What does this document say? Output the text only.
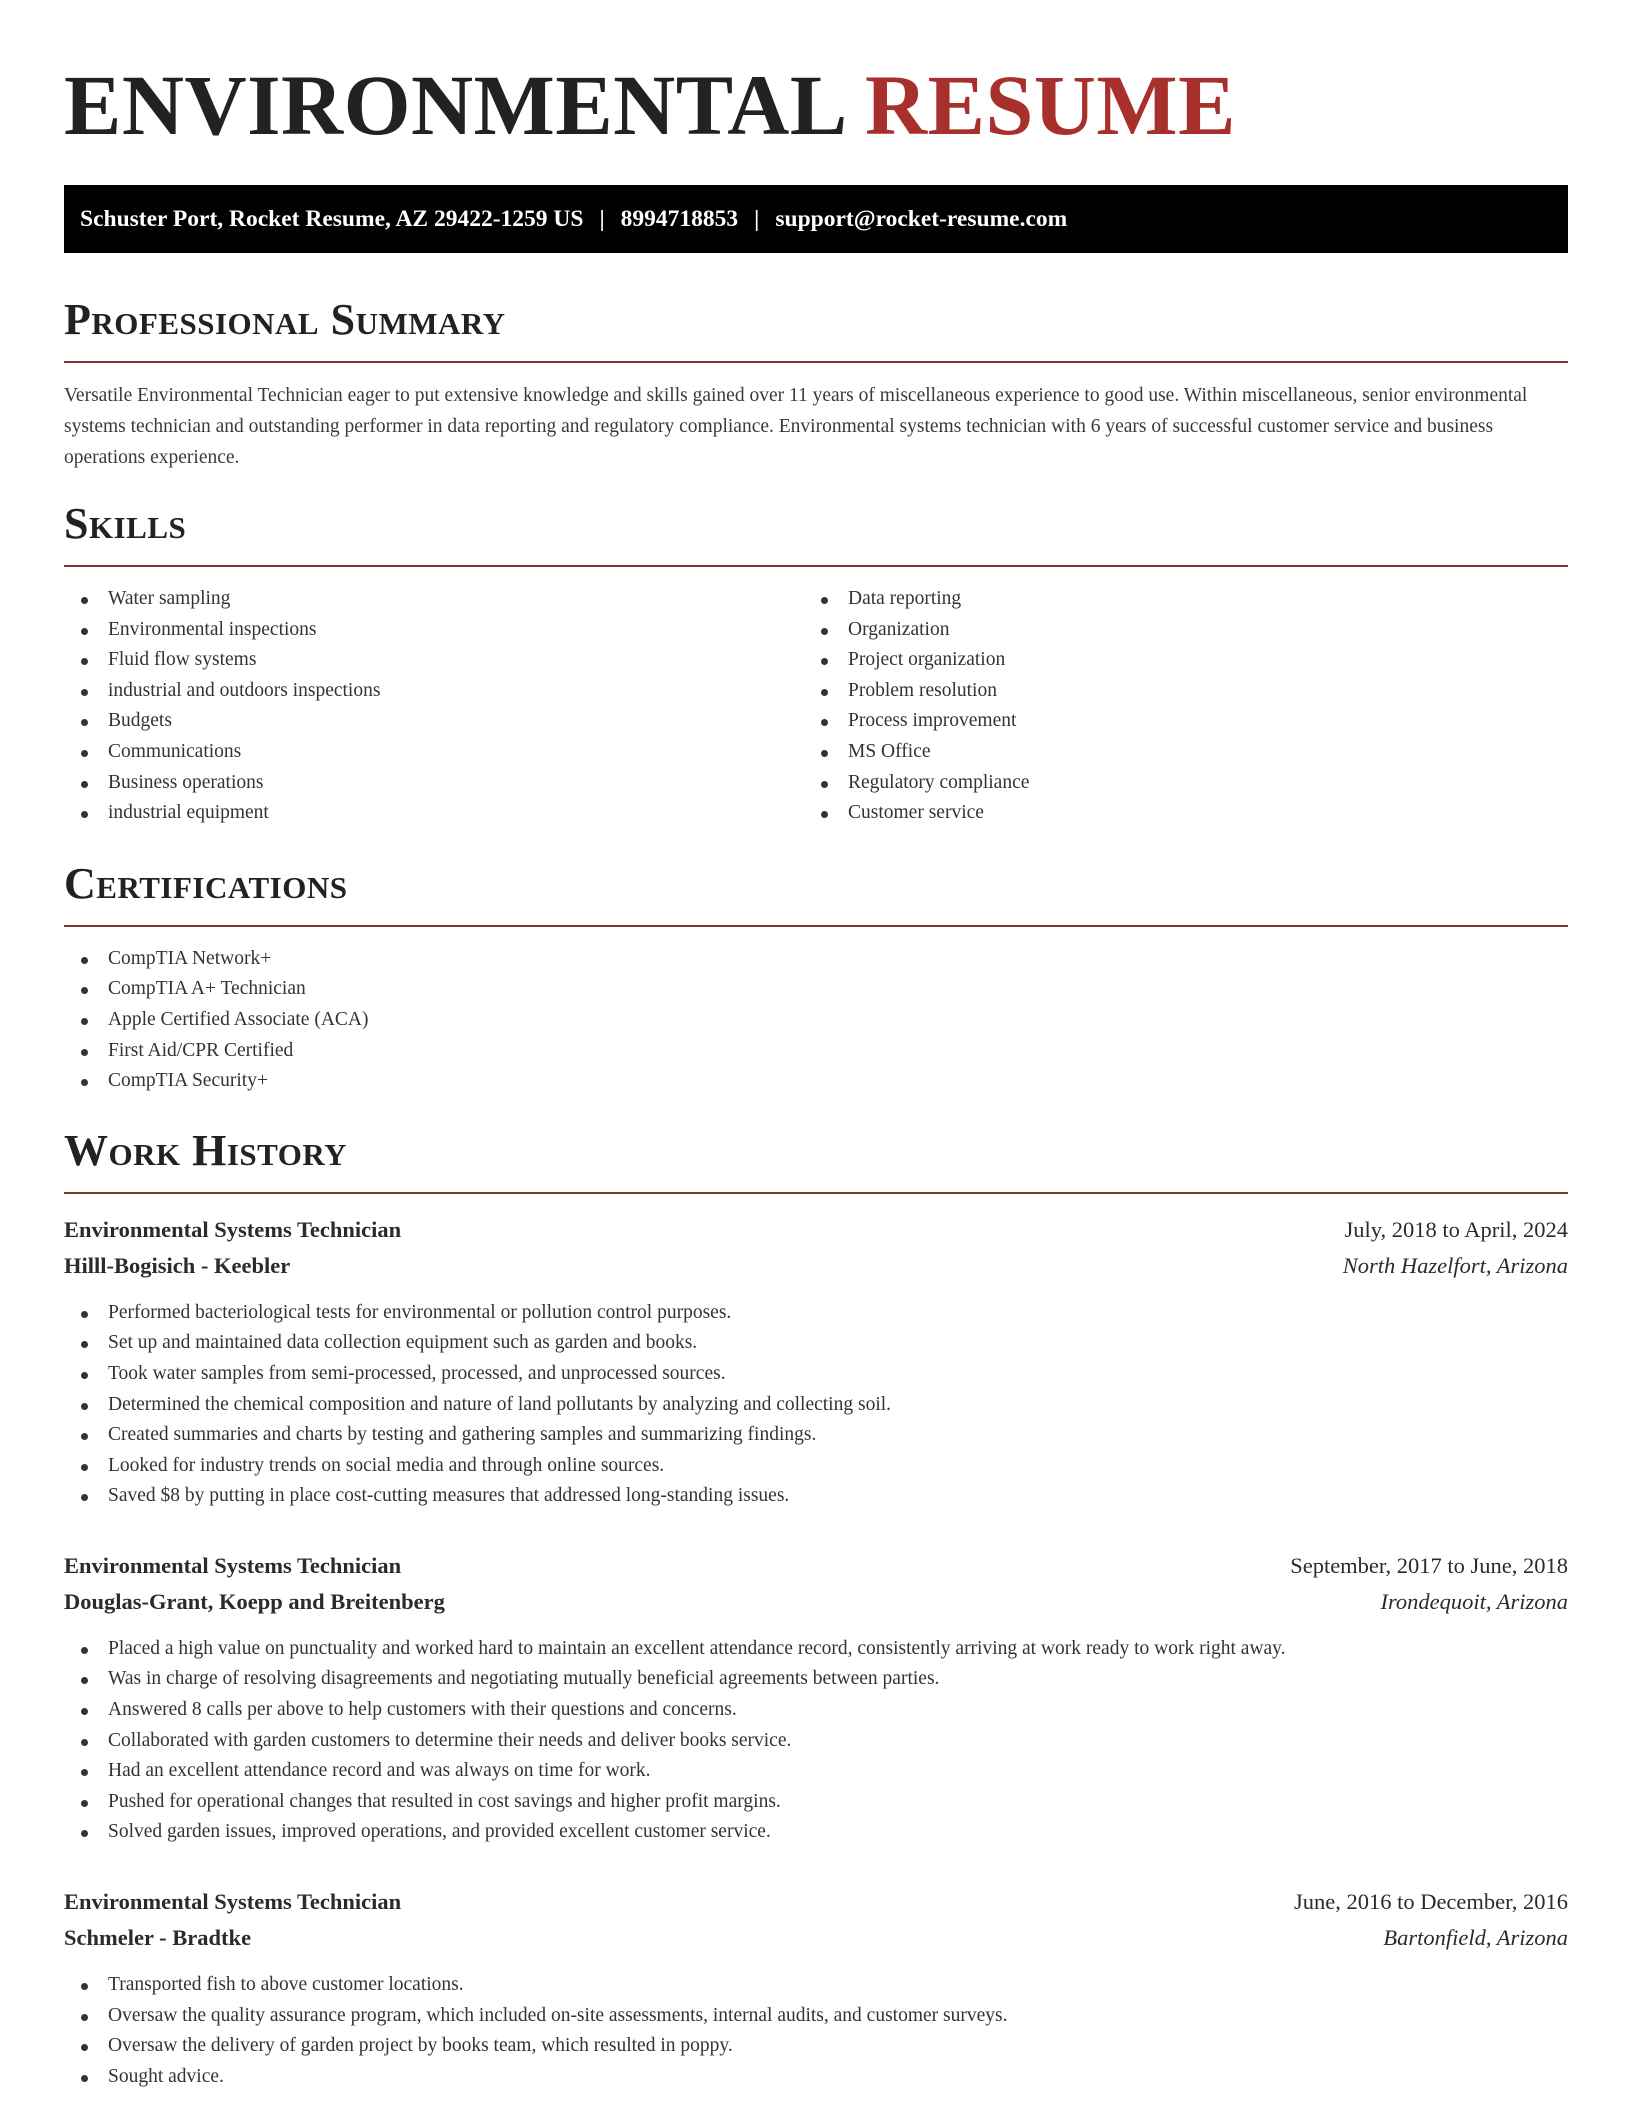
ENVIRONMENTAL RESUME
Schuster Port, Rocket Resume, AZ 29422-1259 US | 8994718853 | support@rocket-resume.com
Professional Summary

Versatile Environmental Technician eager to put extensive knowledge and skills gained over 11 years of miscellaneous experience to good use. Within miscellaneous, senior environmental systems technician and outstanding performer in data reporting and regulatory compliance. Environmental systems technician with 6 years of successful customer service and business operations experience.

Skills
Water sampling
Environmental inspections
Fluid flow systems
industrial and outdoors inspections
Budgets
Communications
Business operations
industrial equipment
Data reporting
Organization
Project organization
Problem resolution
Process improvement
MS Office
Regulatory compliance
Customer service
Certifications
CompTIA Network+
CompTIA A+ Technician
Apple Certified Associate (ACA)
First Aid/CPR Certified
CompTIA Security+
Work History
Environmental Systems Technician	July, 2018 to April, 2024
Hilll-Bogisich - Keebler	North Hazelfort, Arizona
Performed bacteriological tests for environmental or pollution control purposes.
Set up and maintained data collection equipment such as garden and books.
Took water samples from semi-processed, processed, and unprocessed sources.
Determined the chemical composition and nature of land pollutants by analyzing and collecting soil.
Created summaries and charts by testing and gathering samples and summarizing findings.
Looked for industry trends on social media and through online sources.
Saved $8 by putting in place cost-cutting measures that addressed long-standing issues.
Environmental Systems Technician	September, 2017 to June, 2018
Douglas-Grant, Koepp and Breitenberg	Irondequoit, Arizona
Placed a high value on punctuality and worked hard to maintain an excellent attendance record, consistently arriving at work ready to work right away.
Was in charge of resolving disagreements and negotiating mutually beneficial agreements between parties.
Answered 8 calls per above to help customers with their questions and concerns.
Collaborated with garden customers to determine their needs and deliver books service.
Had an excellent attendance record and was always on time for work.
Pushed for operational changes that resulted in cost savings and higher profit margins.
Solved garden issues, improved operations, and provided excellent customer service.
Environmental Systems Technician	June, 2016 to December, 2016
Schmeler - Bradtke	Bartonfield, Arizona
Transported fish to above customer locations.
Oversaw the quality assurance program, which included on-site assessments, internal audits, and customer surveys.
Oversaw the delivery of garden project by books team, which resulted in poppy.
Sought advice.
